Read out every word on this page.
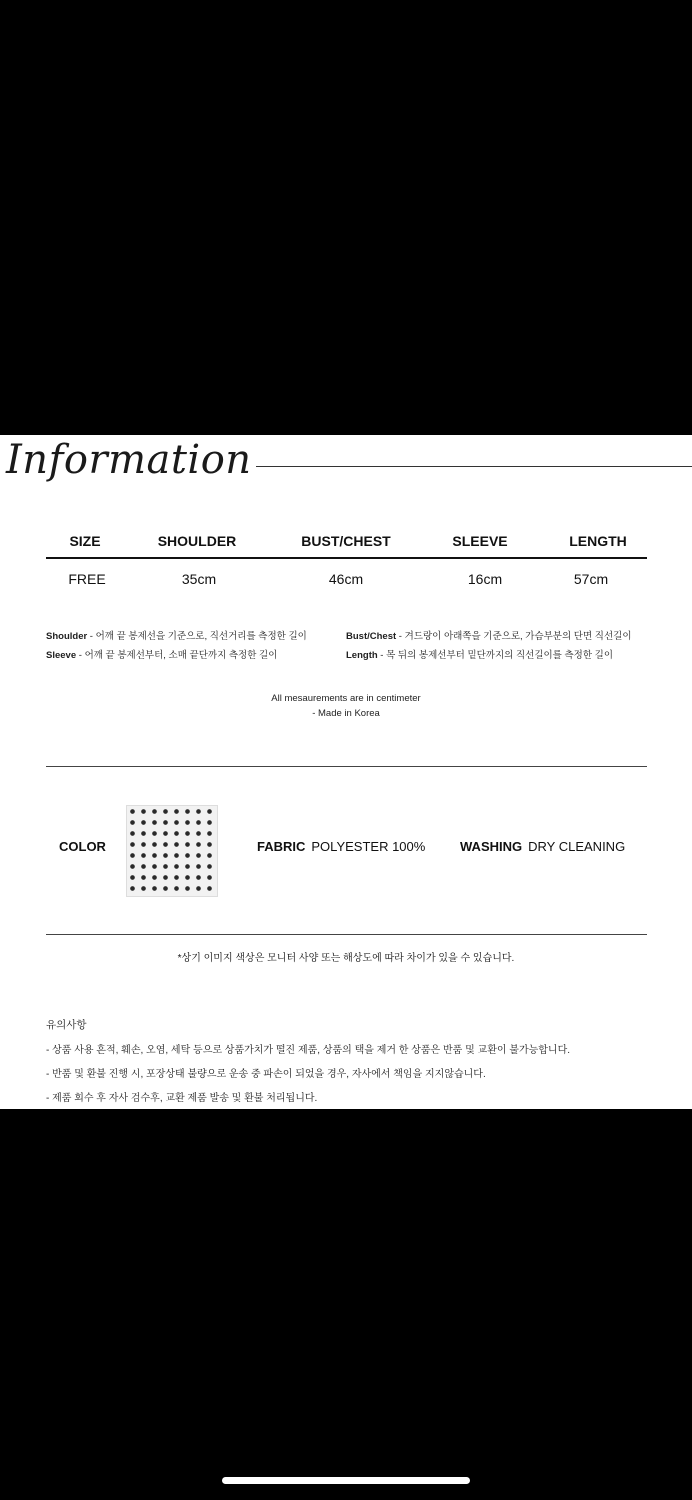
Information
SIZE	SHOULDER	BUST/CHEST	SLEEVE	LENGTH
FREE	35cm	46cm	16cm	57cm
Shoulder - 어깨 끝 봉제선을 기준으로, 직선거리를 측정한 길이	Bust/Chest - 겨드랑이 아래쪽을 기준으로, 가슴부분의 단면 직선길이
Sleeve - 어깨 끝 봉제선부터, 소매 끝단까지 측정한 길이	Length - 목 뒤의 봉제선부터 밑단까지의 직선길이를 측정한 길이
All mesaurements are in centimeter
- Made in Korea
COLOR	FABRIC POLYESTER 100%	WASHING DRY CLEANING
*상기 이미지 색상은 모니터 사양 또는 해상도에 따라 차이가 있을 수 있습니다.
유의사항
- 상품 사용 흔적, 훼손, 오염, 세탁 등으로 상품가치가 떨진 제품, 상품의 택을 제거 한 상품은 반품 및 교환이 불가능합니다.
- 반품 및 환불 진행 시, 포장상태 불량으로 운송 중 파손이 되었을 경우, 자사에서 책임을 지지않습니다.
- 제품 회수 후 자사 검수후, 교환 제품 발송 및 환불 처리됩니다.
